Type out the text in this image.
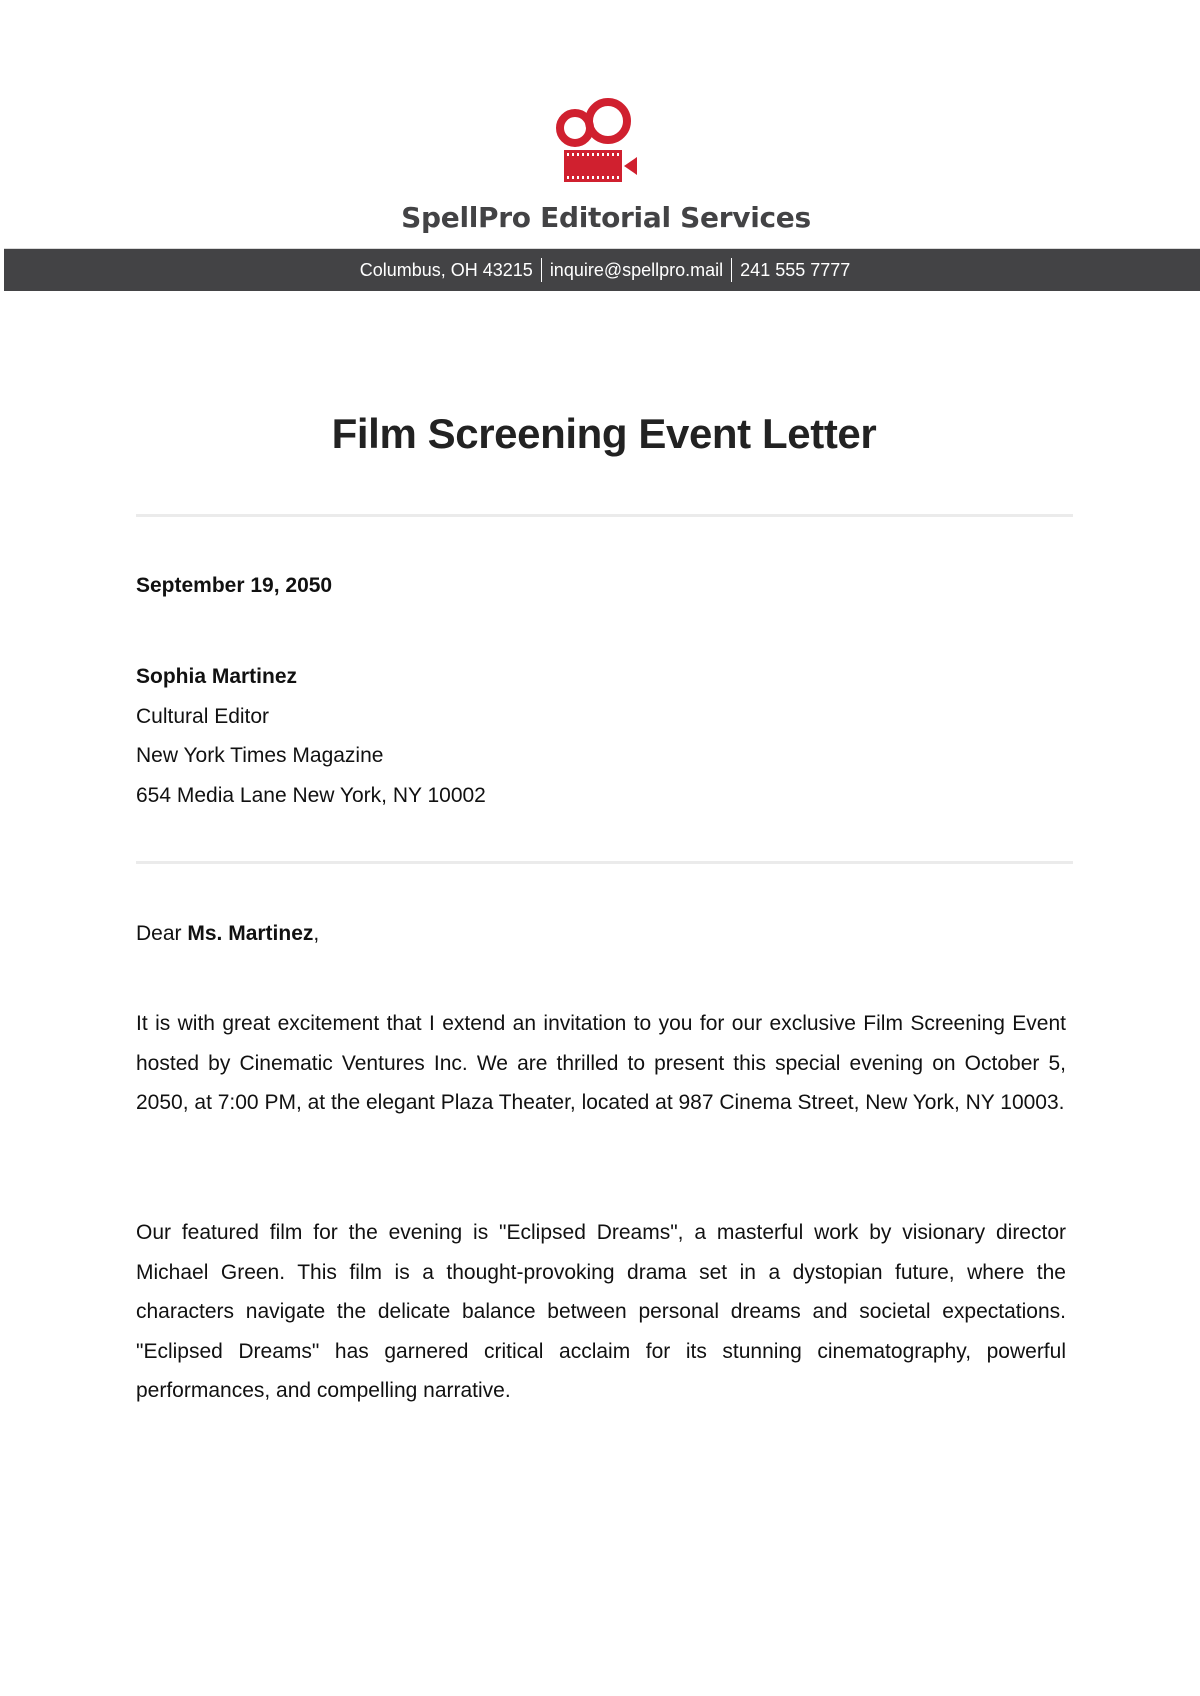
SpellPro Editorial Services
Columbus, OH 43215 inquire@spellpro.mail 241 555 7777
Film Screening Event Letter
September 19, 2050
Sophia Martinez
Cultural Editor
New York Times Magazine
654 Media Lane New York, NY 10002
Dear Ms. Martinez,
It is with great excitement that I extend an invitation to you for our exclusive Film Screening Event hosted by Cinematic Ventures Inc. We are thrilled to present this special evening on October 5, 2050, at 7:00 PM, at the elegant Plaza Theater, located at 987 Cinema Street, New York, NY 10003.
Our featured film for the evening is "Eclipsed Dreams", a masterful work by visionary director Michael Green. This film is a thought-provoking drama set in a dystopian future, where the characters navigate the delicate balance between personal dreams and societal expectations. "Eclipsed Dreams" has garnered critical acclaim for its stunning cinematography, powerful performances, and compelling narrative.
